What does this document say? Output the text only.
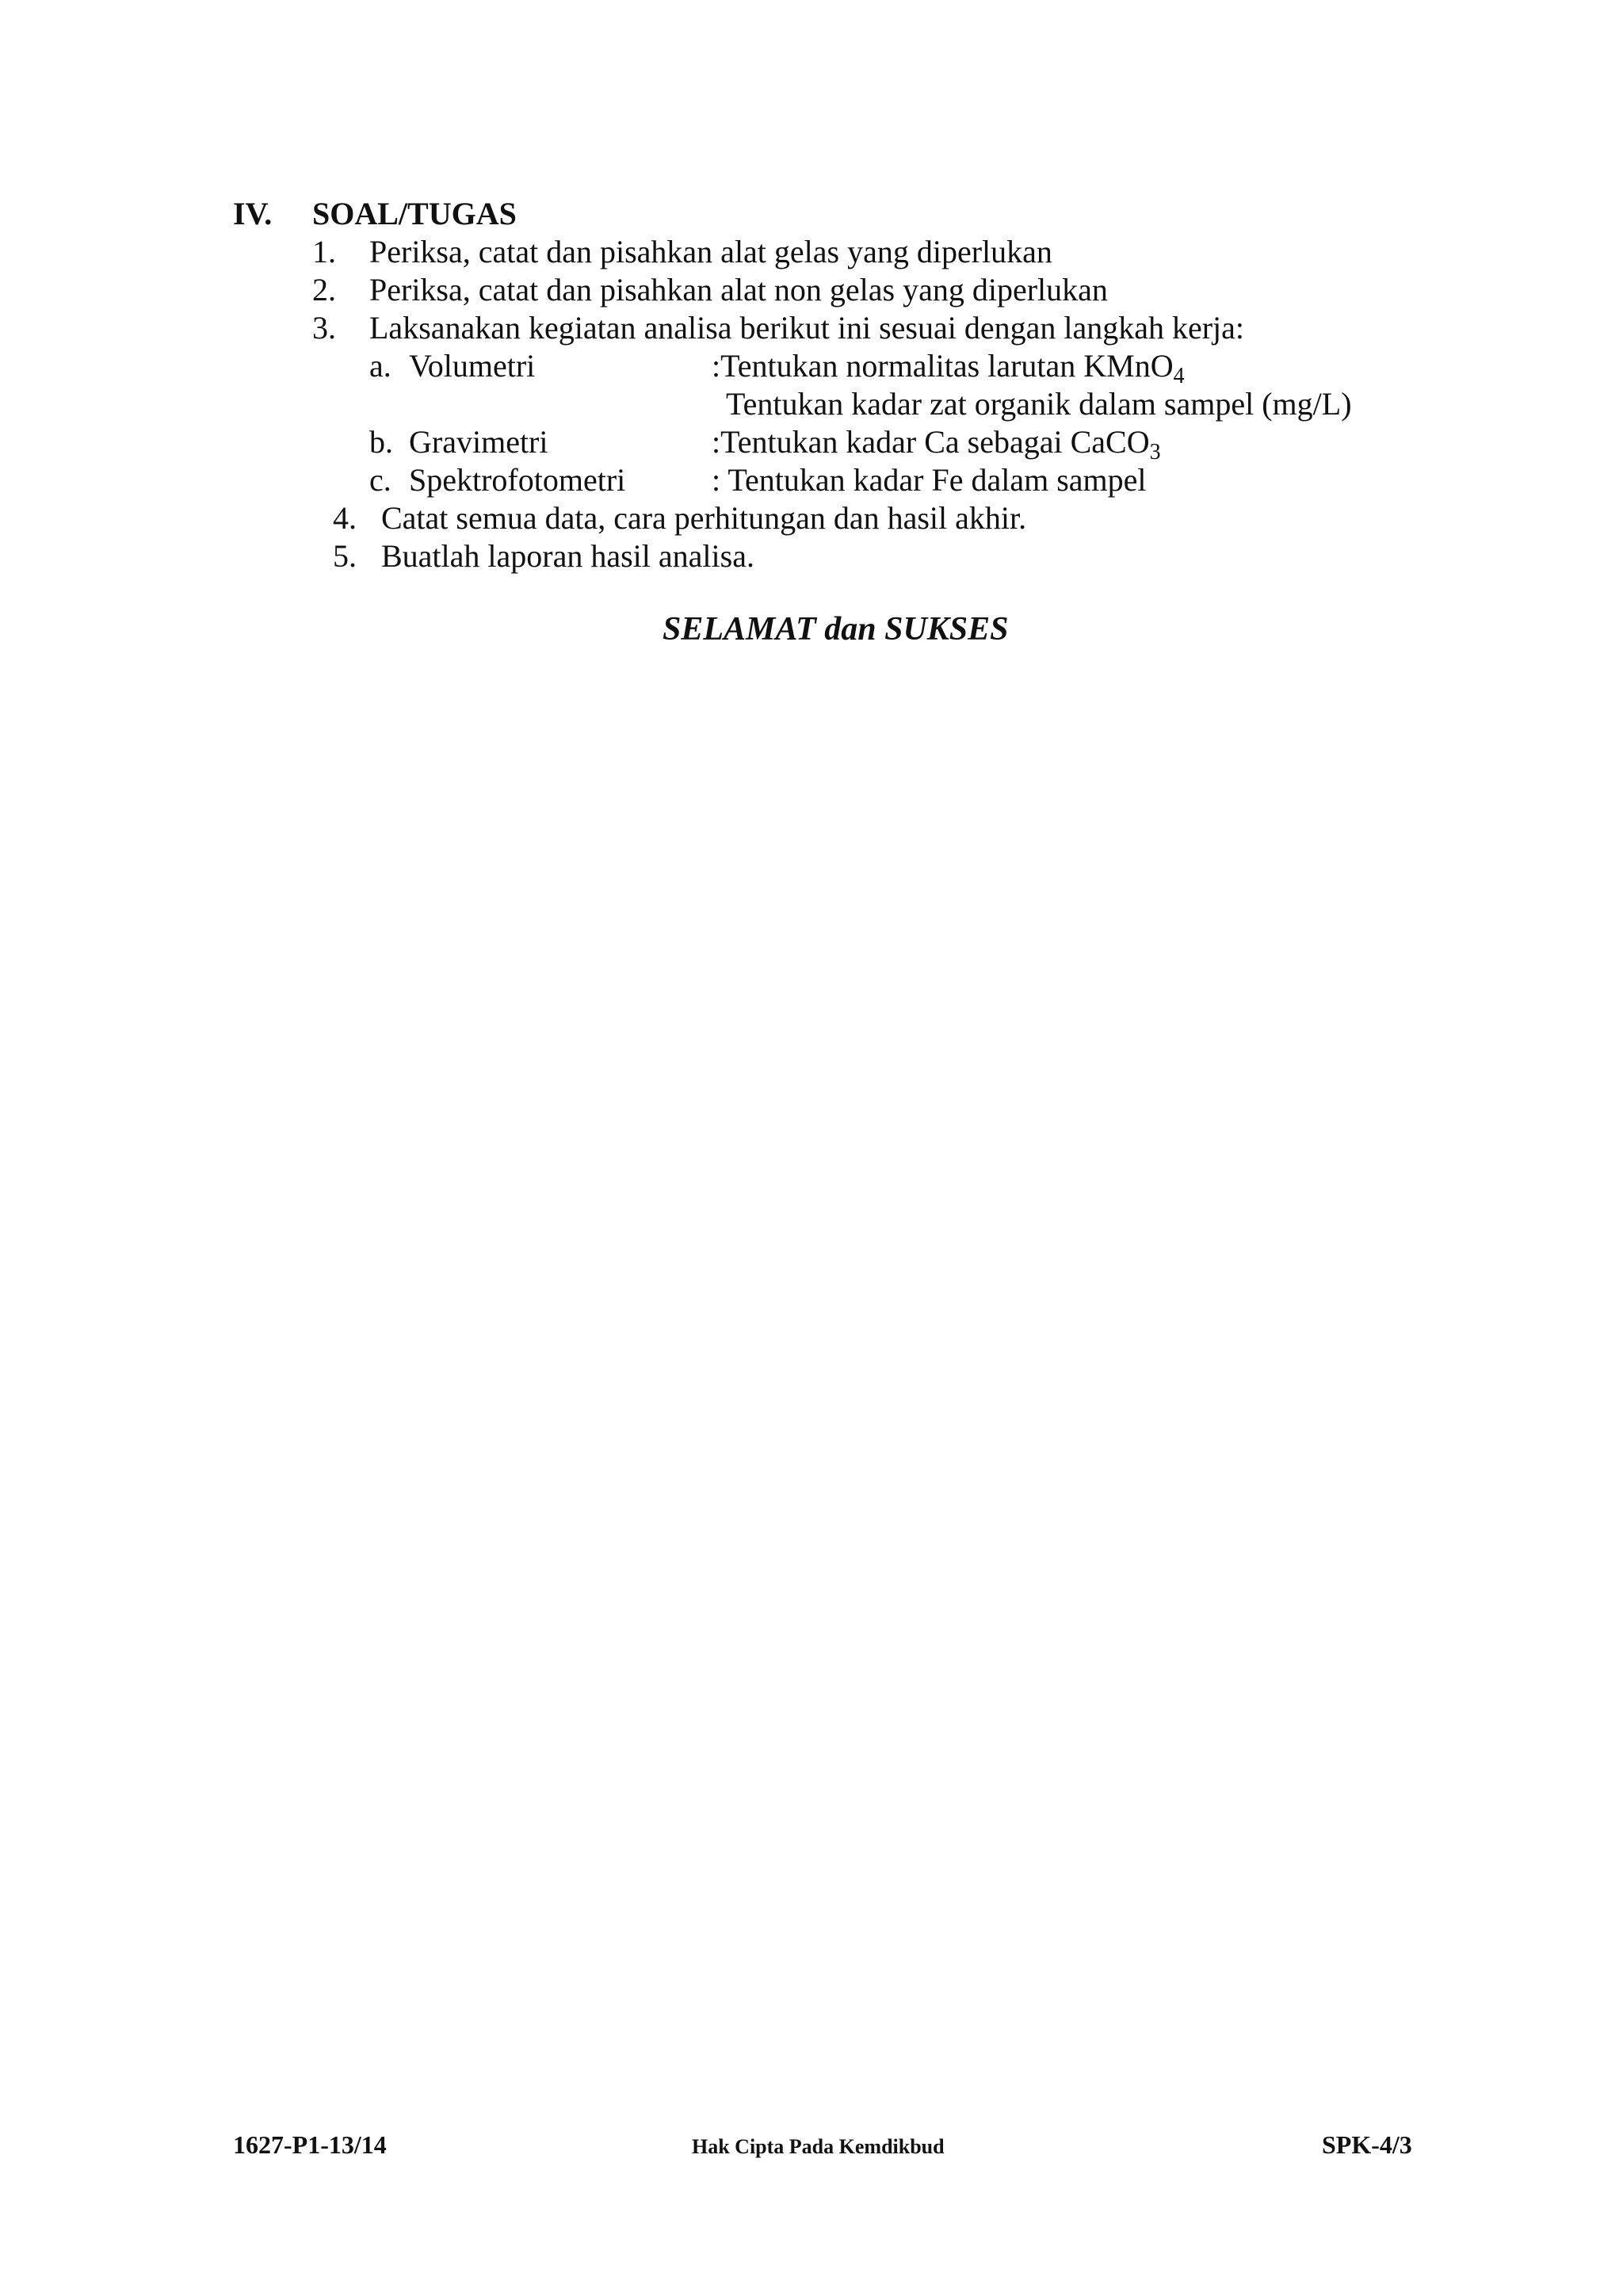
IV. SOAL/TUGAS
1. Periksa, catat dan pisahkan alat gelas yang diperlukan
2. Periksa, catat dan pisahkan alat non gelas yang diperlukan
3. Laksanakan kegiatan analisa berikut ini sesuai dengan langkah kerja:
a. Volumetri	:Tentukan normalitas larutan KMnO$_4$
Tentukan kadar zat organik dalam sampel (mg/L)
b. Gravimetri	:Tentukan kadar Ca sebagai CaCO$_3$
c. Spektrofotometri	: Tentukan kadar Fe dalam sampel
4. Catat semua data, cara perhitungan dan hasil akhir.
5. Buatlah laporan hasil analisa.
SELAMAT dan SUKSES
1627-P1-13/14	Hak Cipta Pada Kemdikbud	SPK-4/3
